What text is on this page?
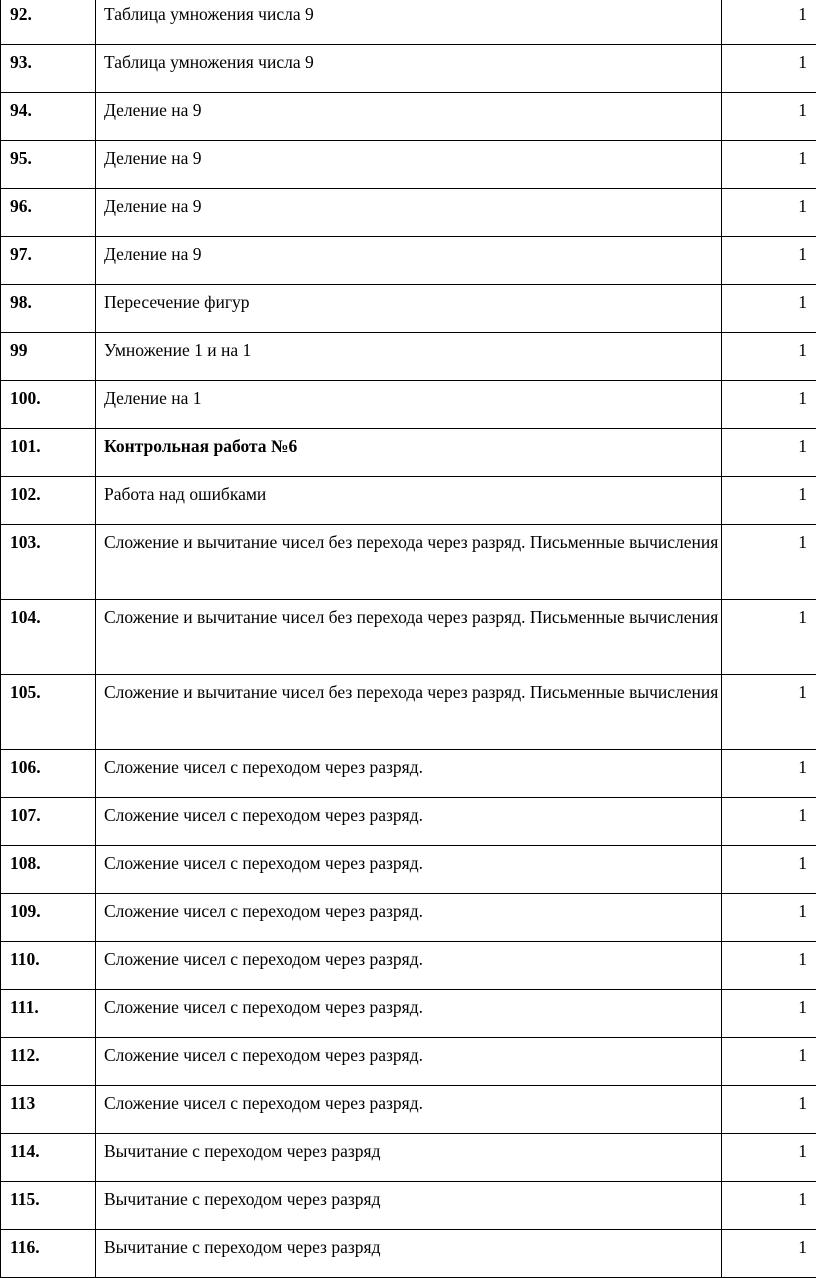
92.	Таблица умножения числа 9	1
93.	Таблица умножения числа 9	1
94.	Деление на 9	1
95.	Деление на 9	1
96.	Деление на 9	1
97.	Деление на 9	1
98.	Пересечение фигур	1
99	Умножение 1 и на 1	1
100.	Деление на 1	1
101.	Контрольная работа №6	1
102.	Работа над ошибками	1
103.	Сложение и вычитание чисел без перехода через разряд. Письменные вычисления	1
104.	Сложение и вычитание чисел без перехода через разряд. Письменные вычисления	1
105.	Сложение и вычитание чисел без перехода через разряд. Письменные вычисления	1
106.	Сложение чисел с переходом через разряд.	1
107.	Сложение чисел с переходом через разряд.	1
108.	Сложение чисел с переходом через разряд.	1
109.	Сложение чисел с переходом через разряд.	1
110.	Сложение чисел с переходом через разряд.	1
111.	Сложение чисел с переходом через разряд.	1
112.	Сложение чисел с переходом через разряд.	1
113	Сложение чисел с переходом через разряд.	1
114.	Вычитание с переходом через разряд	1
115.	Вычитание с переходом через разряд	1
116.	Вычитание с переходом через разряд	1
